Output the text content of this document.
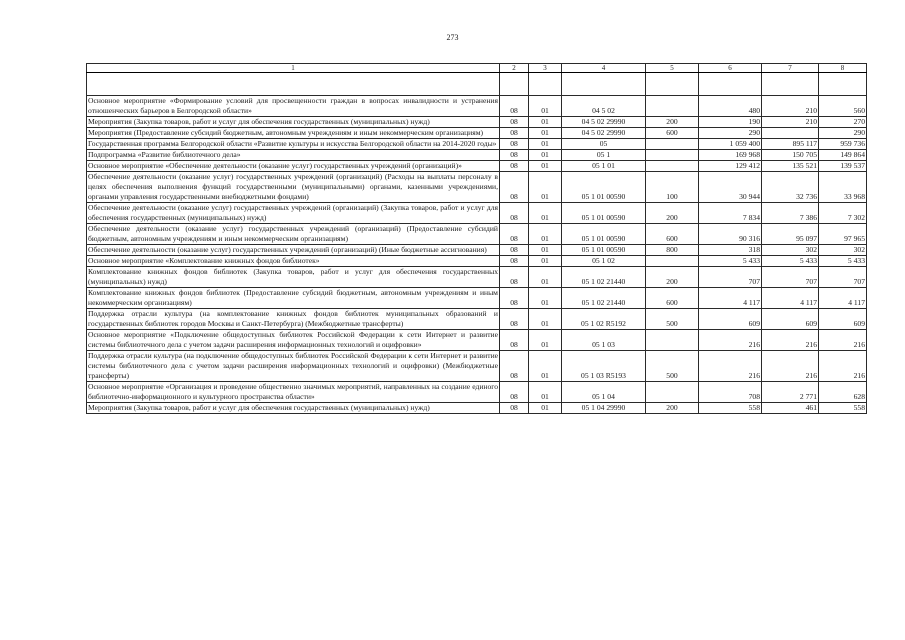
273
1	2	3	4	5	6	7	8

Основное мероприятие «Формирование условий для просвещенности граждан в вопросах инвалидности и устранения отношенческих барьеров в Белгородской области»	08	01	04 5 02		480	210	560
Мероприятия (Закупка товаров, работ и услуг для обеспечения государственных (муниципальных) нужд)	08	01	04 5 02 29990	200	190	210	270
Мероприятия (Предоставление субсидий бюджетным, автономным учреждениям и иным некоммерческим организациям)	08	01	04 5 02 29990	600	290		290
Государственная программа Белгородской области «Развитие культуры и искусства Белгородской области на 2014-2020 годы»	08	01	05		1 059 400	895 117	959 736
Подпрограмма «Развитие библиотечного дела»	08	01	05 1		169 968	150 705	149 864
Основное мероприятие «Обеспечение деятельности (оказание услуг) государственных учреждений (организаций)»	08	01	05 1 01		129 412	135 521	139 537
Обеспечение деятельности (оказание услуг) государственных учреждений (организаций) (Расходы на выплаты персоналу в целях обеспечения выполнения функций государственными (муниципальными) органами, казенными учреждениями, органами управления государственными внебюджетными фондами)	08	01	05 1 01 00590	100	30 944	32 736	33 968
Обеспечение деятельности (оказание услуг) государственных учреждений (организаций) (Закупка товаров, работ и услуг для обеспечения государственных (муниципальных) нужд)	08	01	05 1 01 00590	200	7 834	7 386	7 302
Обеспечение деятельности (оказание услуг) государственных учреждений (организаций) (Предоставление субсидий бюджетным, автономным учреждениям и иным некоммерческим организациям)	08	01	05 1 01 00590	600	90 316	95 097	97 965
Обеспечение деятельности (оказание услуг) государственных учреждений (организаций) (Иные бюджетные ассигнования)	08	01	05 1 01 00590	800	318	302	302
Основное мероприятие «Комплектование книжных фондов библиотек»	08	01	05 1 02		5 433	5 433	5 433
Комплектование книжных фондов библиотек (Закупка товаров, работ и услуг для обеспечения государственных (муниципальных) нужд)	08	01	05 1 02 21440	200	707	707	707
Комплектование книжных фондов библиотек (Предоставление субсидий бюджетным, автономным учреждениям и иным некоммерческим организациям)	08	01	05 1 02 21440	600	4 117	4 117	4 117
Поддержка отрасли культура (на комплектование книжных фондов библиотек муниципальных образований и государственных библиотек городов Москвы и Санкт-Петербурга) (Межбюджетные трансферты)	08	01	05 1 02 R5192	500	609	609	609
Основное мероприятие «Подключение общедоступных библиотек Российской Федерации к сети Интернет и развитие системы библиотечного дела с учетом задачи расширения информационных технологий и оцифровки»	08	01	05 1 03		216	216	216
Поддержка отрасли культура (на подключение общедоступных библиотек Российской Федерации к сети Интернет и развитие системы библиотечного дела с учетом задачи расширения информационных технологий и оцифровки) (Межбюджетные трансферты)	08	01	05 1 03 R5193	500	216	216	216
Основное мероприятие «Организация и проведение общественно значимых мероприятий, направленных на создание единого библиотечно-информационного и культурного пространства области»	08	01	05 1 04		708	2 771	628
Мероприятия (Закупка товаров, работ и услуг для обеспечения государственных (муниципальных) нужд)	08	01	05 1 04 29990	200	558	461	558
